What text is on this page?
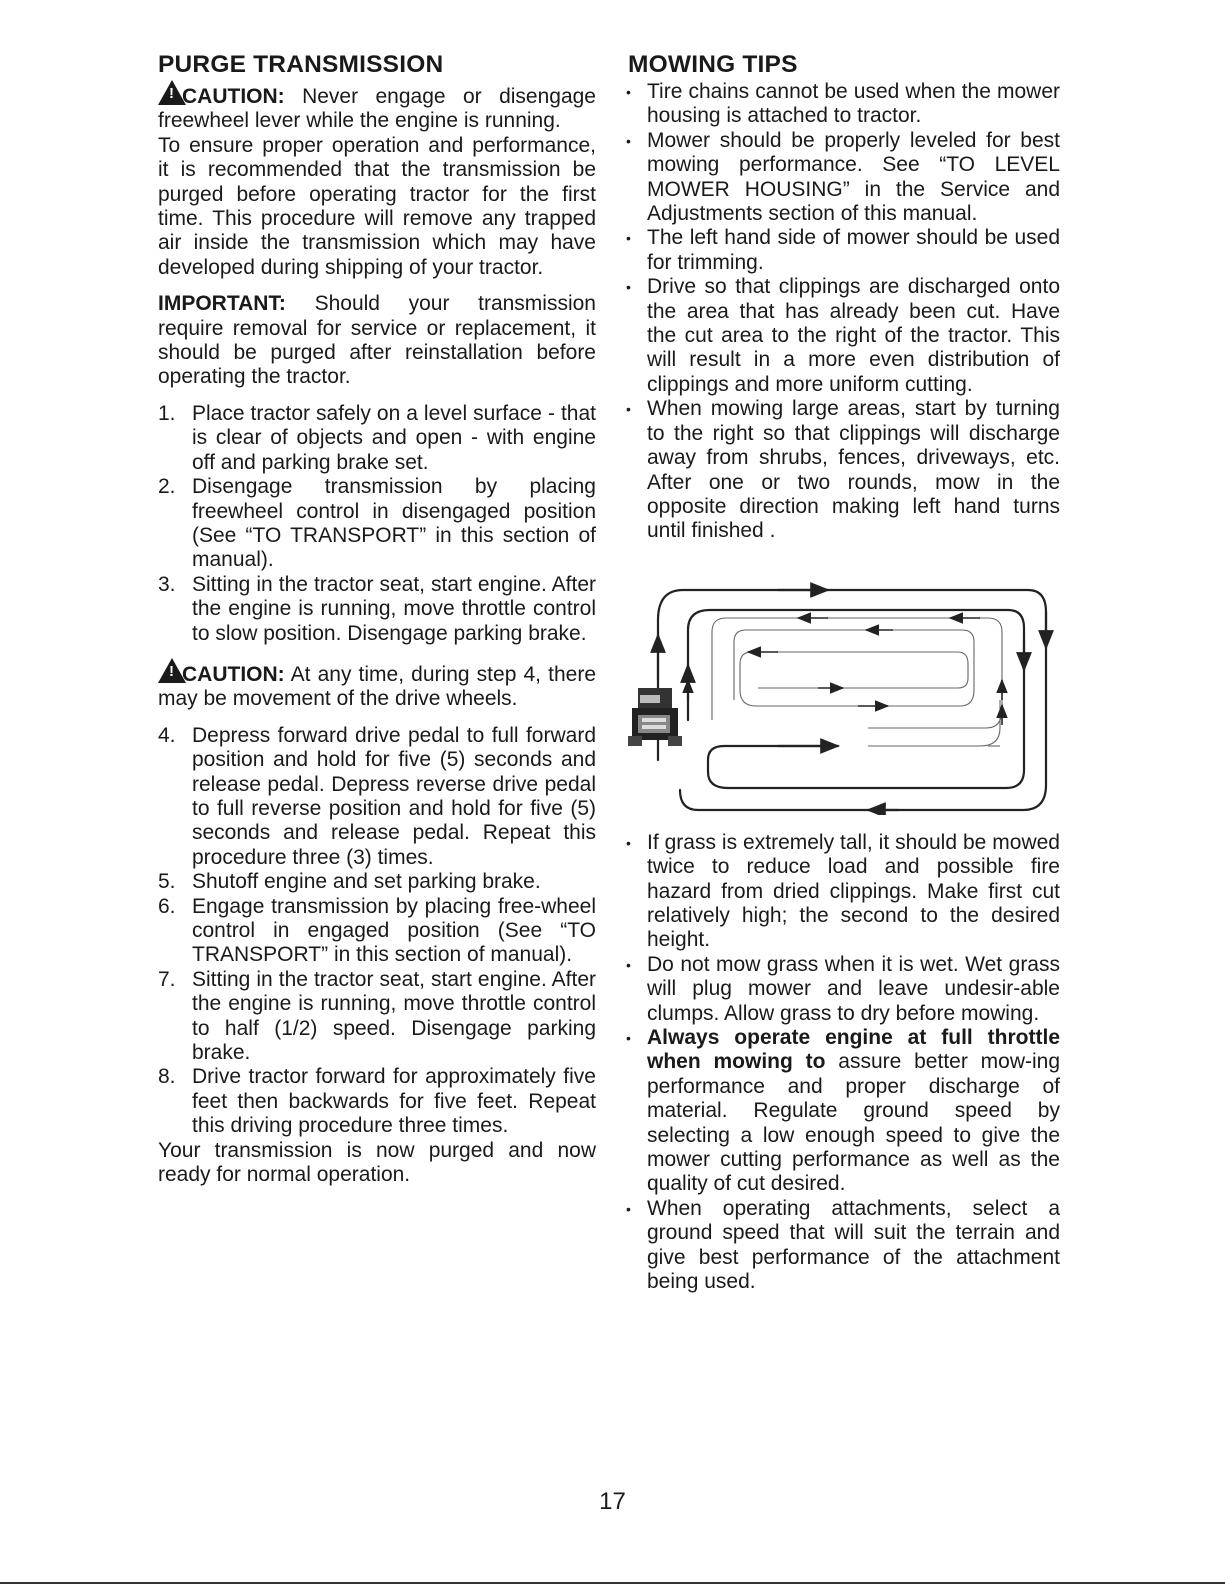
PURGE TRANSMISSION

!CAUTION: Never engage or disengage freewheel lever while the engine is running.

To ensure proper operation and performance, it is recommended that the transmission be purged before operating tractor for the first time. This procedure will remove any trapped air inside the transmission which may have developed during shipping of your tractor.

IMPORTANT: Should your transmission require removal for service or replacement, it should be purged after reinstallation before operating the tractor.

1. Place tractor safely on a level surface - that is clear of objects and open - with engine off and parking brake set.
2. Disengage transmission by placing freewheel control in disengaged position (See “TO TRANSPORT” in this section of manual).
3. Sitting in the tractor seat, start engine. After the engine is running, move throttle control to slow position. Disengage parking brake.

!CAUTION: At any time, during step 4, there may be movement of the drive wheels.

4. Depress forward drive pedal to full forward position and hold for five (5) seconds and release pedal. Depress reverse drive pedal to full reverse position and hold for five (5) seconds and release pedal. Repeat this procedure three (3) times.
5. Shutoff engine and set parking brake.
6. Engage transmission by placing free-wheel control in engaged position (See “TO TRANSPORT” in this section of manual).
7. Sitting in the tractor seat, start engine. After the engine is running, move throttle control to half (1/2) speed. Disengage parking brake.
8. Drive tractor forward for approximately five feet then backwards for five feet. Repeat this driving procedure three times.

Your transmission is now purged and now ready for normal operation.

MOWING TIPS
• Tire chains cannot be used when the mower housing is attached to tractor.
• Mower should be properly leveled for best mowing performance. See “TO LEVEL MOWER HOUSING” in the Service and Adjustments section of this manual.
• The left hand side of mower should be used for trimming.
• Drive so that clippings are discharged onto the area that has already been cut. Have the cut area to the right of the tractor. This will result in a more even distribution of clippings and more uniform cutting.
• When mowing large areas, start by turning to the right so that clippings will discharge away from shrubs, fences, driveways, etc. After one or two rounds, mow in the opposite direction making left hand turns until finished .
• If grass is extremely tall, it should be mowed twice to reduce load and possible fire hazard from dried clippings. Make first cut relatively high; the second to the desired height.
• Do not mow grass when it is wet. Wet grass will plug mower and leave undesir-able clumps. Allow grass to dry before mowing.
• Always operate engine at full throttle when mowing to assure better mow-ing performance and proper discharge of material. Regulate ground speed by selecting a low enough speed to give the mower cutting performance as well as the quality of cut desired.
• When operating attachments, select a ground speed that will suit the terrain and give best performance of the attachment being used.
17
